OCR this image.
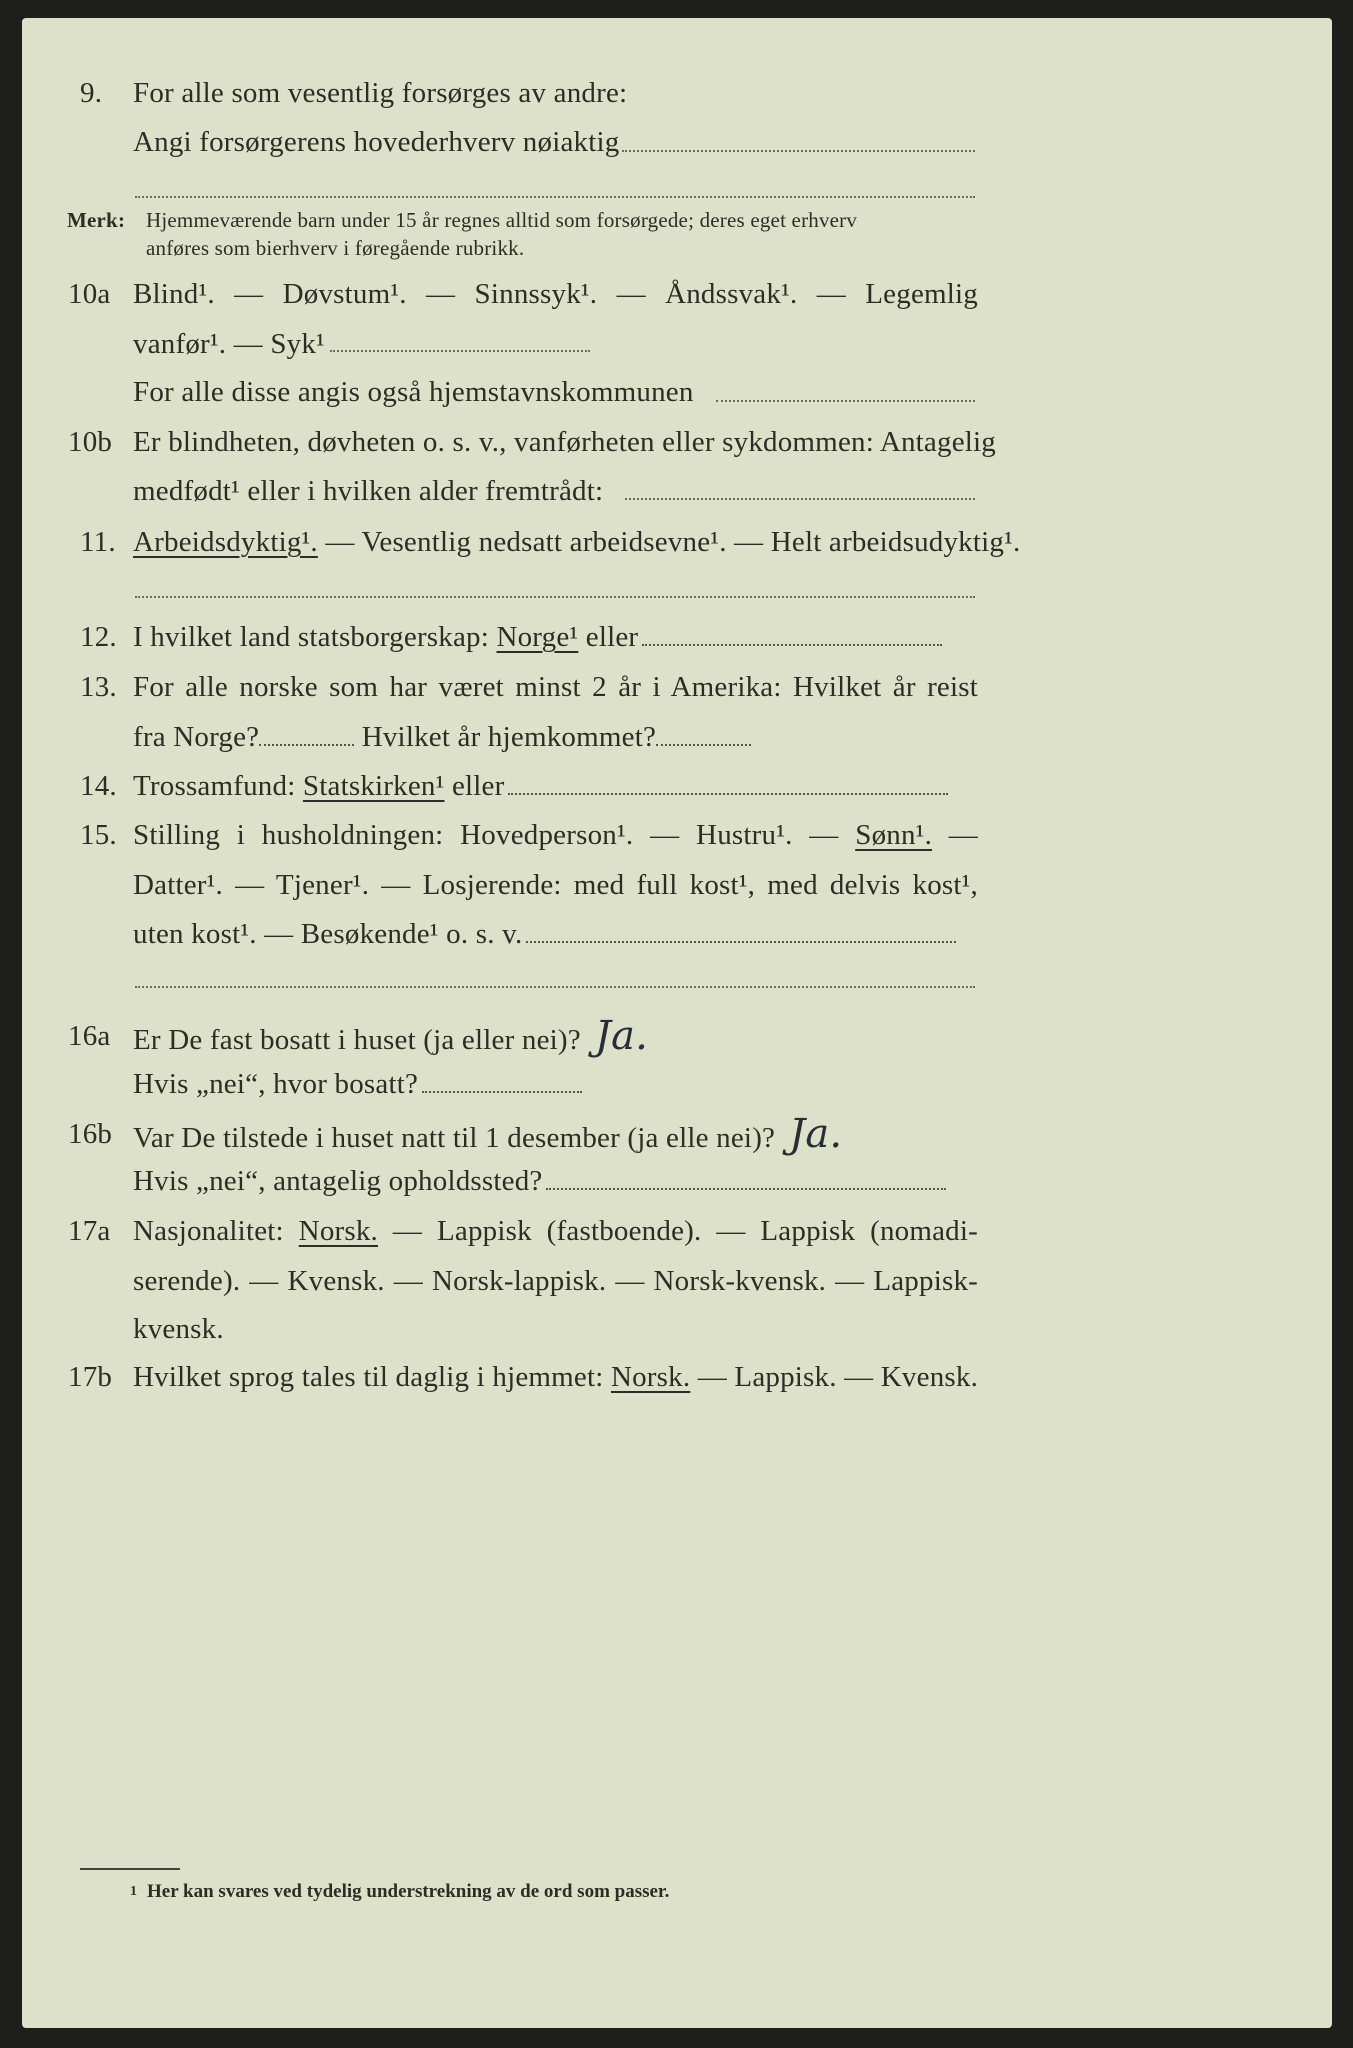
9. For alle som vesentlig forsørges av andre:
Angi forsørgerens hovederhverv nøiaktig
Merk: Hjemmeværende barn under 15 år regnes alltid som forsørgede; deres eget erhverv
anføres som bierhverv i føregående rubrikk.
10a Blind¹. — Døvstum¹. — Sinnssyk¹. — Åndssvak¹. — Legemlig
vanfør¹. — Syk¹
For alle disse angis også hjemstavnskommunen
10b Er blindheten, døvheten o. s. v., vanførheten eller sykdommen: Antagelig
medfødt¹ eller i hvilken alder fremtrådt:
11. Arbeidsdyktig¹. — Vesentlig nedsatt arbeidsevne¹. — Helt arbeidsudyktig¹.
12. I hvilket land statsborgerskap: Norge¹ eller
13. For alle norske som har været minst 2 år i Amerika: Hvilket år reist
fra Norge?	Hvilket år hjemkommet?
14. Trossamfund: Statskirken¹ eller
15. Stilling i husholdningen: Hovedperson¹. — Hustru¹. — Sønn¹. —
Datter¹. — Tjener¹. — Losjerende: med full kost¹, med delvis kost¹,
uten kost¹. — Besøkende¹ o. s. v.
16a Er De fast bosatt i huset (ja eller nei)? Ja.
Hvis „nei“, hvor bosatt?
16b Var De tilstede i huset natt til 1 desember (ja elle nei)? Ja.
Hvis „nei“, antagelig opholdssted?
17a Nasjonalitet: Norsk. — Lappisk (fastboende). — Lappisk (nomadi-
serende). — Kvensk. — Norsk-lappisk. — Norsk-kvensk. — Lappisk-
kvensk.
17b Hvilket sprog tales til daglig i hjemmet: Norsk. — Lappisk. — Kvensk.
$^1$ Her kan svares ved tydelig understrekning av de ord som passer.
